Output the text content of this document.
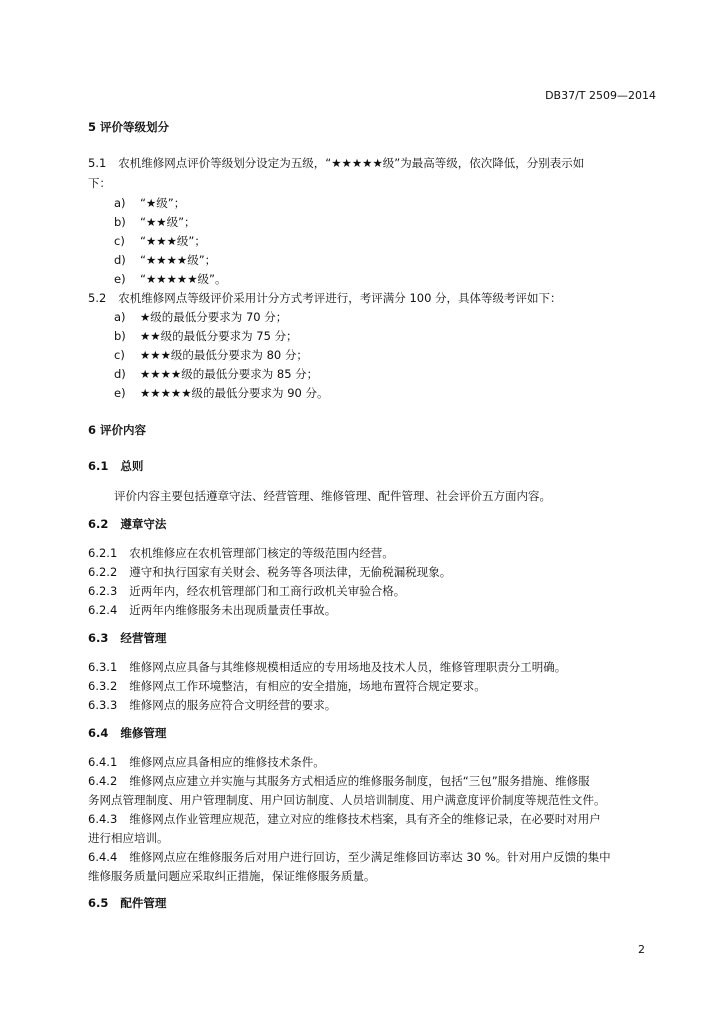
DB37/T 2509—2014
5 评价等级划分
5.1 农机维修网点评价等级划分设定为五级，“★★★★★级”为最高等级，依次降低，分别表示如
下：
a) “★级”；
b) “★★级”；
c) “★★★级”；
d) “★★★★级”；
e) “★★★★★级”。
5.2 农机维修网点等级评价采用计分方式考评进行，考评满分 100 分，具体等级考评如下：
a) ★级的最低分要求为 70 分；
b) ★★级的最低分要求为 75 分；
c) ★★★级的最低分要求为 80 分；
d) ★★★★级的最低分要求为 85 分；
e) ★★★★★级的最低分要求为 90 分。
6 评价内容
6.1 总则
评价内容主要包括遵章守法、经营管理、维修管理、配件管理、社会评价五方面内容。
6.2 遵章守法
6.2.1 农机维修应在农机管理部门核定的等级范围内经营。
6.2.2 遵守和执行国家有关财会、税务等各项法律，无偷税漏税现象。
6.2.3 近两年内，经农机管理部门和工商行政机关审验合格。
6.2.4 近两年内维修服务未出现质量责任事故。
6.3 经营管理
6.3.1 维修网点应具备与其维修规模相适应的专用场地及技术人员，维修管理职责分工明确。
6.3.2 维修网点工作环境整洁，有相应的安全措施，场地布置符合规定要求。
6.3.3 维修网点的服务应符合文明经营的要求。
6.4 维修管理
6.4.1 维修网点应具备相应的维修技术条件。
6.4.2 维修网点应建立并实施与其服务方式相适应的维修服务制度，包括“三包”服务措施、维修服
务网点管理制度、用户管理制度、用户回访制度、人员培训制度、用户满意度评价制度等规范性文件。
6.4.3 维修网点作业管理应规范，建立对应的维修技术档案，具有齐全的维修记录，在必要时对用户
进行相应培训。
6.4.4 维修网点应在维修服务后对用户进行回访，至少满足维修回访率达 30 %。针对用户反馈的集中
维修服务质量问题应采取纠正措施，保证维修服务质量。
6.5 配件管理
2
